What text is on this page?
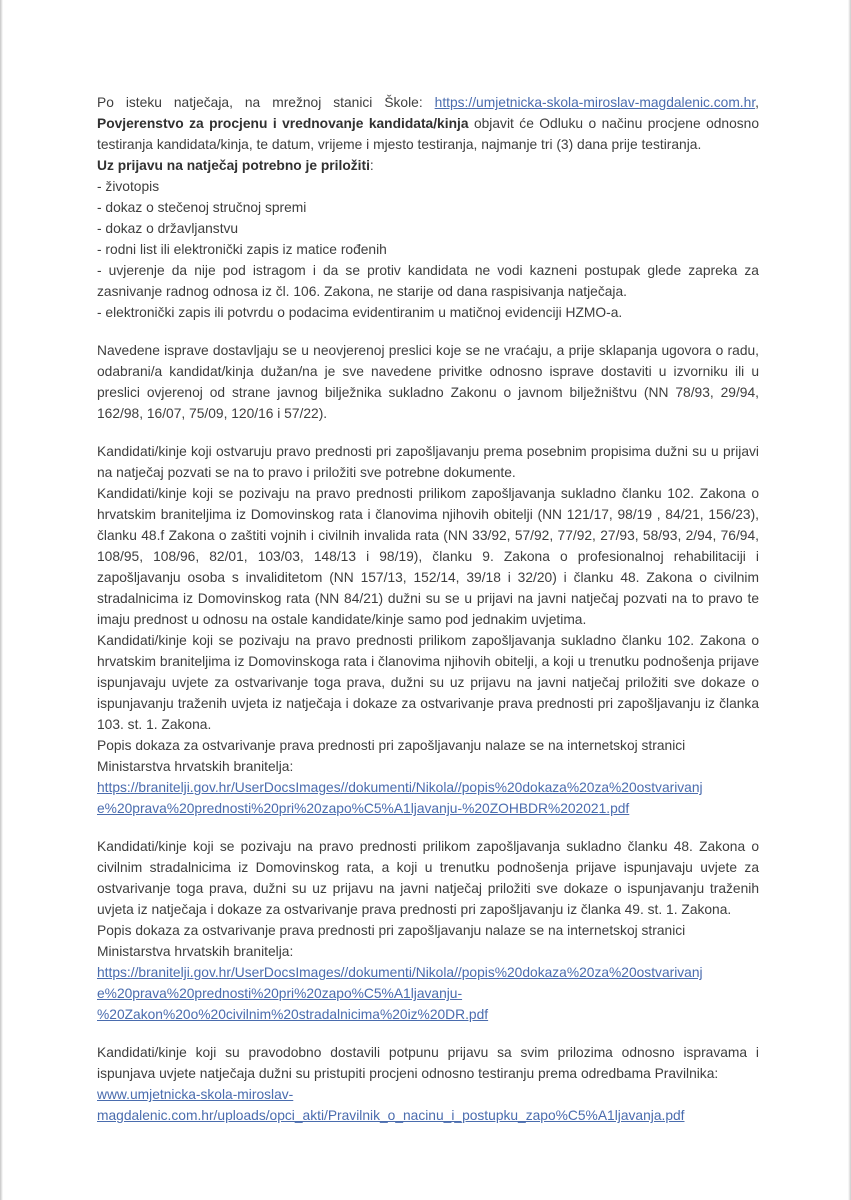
Po isteku natječaja, na mrežnoj stanici Škole: https://umjetnicka-skola-miroslav-magdalenic.com.hr, Povjerenstvo za procjenu i vrednovanje kandidata/kinja objavit će Odluku o načinu procjene odnosno testiranja kandidata/kinja, te datum, vrijeme i mjesto testiranja, najmanje tri (3) dana prije testiranja.

Uz prijavu na natječaj potrebno je priložiti:

- životopis

- dokaz o stečenoj stručnoj spremi

- dokaz o državljanstvu

- rodni list ili elektronički zapis iz matice rođenih

- uvjerenje da nije pod istragom i da se protiv kandidata ne vodi kazneni postupak glede zapreka za zasnivanje radnog odnosa iz čl. 106. Zakona, ne starije od dana raspisivanja natječaja.

- elektronički zapis ili potvrdu o podacima evidentiranim u matičnoj evidenciji HZMO-a.

Navedene isprave dostavljaju se u neovjerenoj preslici koje se ne vraćaju, a prije sklapanja ugovora o radu, odabrani/a kandidat/kinja dužan/na je sve navedene privitke odnosno isprave dostaviti u izvorniku ili u preslici ovjerenoj od strane javnog bilježnika sukladno Zakonu o javnom bilježništvu (NN 78/93, 29/94, 162/98, 16/07, 75/09, 120/16 i 57/22).

Kandidati/kinje koji ostvaruju pravo prednosti pri zapošljavanju prema posebnim propisima dužni su u prijavi na natječaj pozvati se na to pravo i priložiti sve potrebne dokumente.

Kandidati/kinje koji se pozivaju na pravo prednosti prilikom zapošljavanja sukladno članku 102. Zakona o hrvatskim braniteljima iz Domovinskog rata i članovima njihovih obitelji (NN 121/17, 98/19 , 84/21, 156/23), članku 48.f Zakona o zaštiti vojnih i civilnih invalida rata (NN 33/92, 57/92, 77/92, 27/93, 58/93, 2/94, 76/94, 108/95, 108/96, 82/01, 103/03, 148/13 i 98/19), članku 9. Zakona o profesionalnoj rehabilitaciji i zapošljavanju osoba s invaliditetom (NN 157/13, 152/14, 39/18 i 32/20) i članku 48. Zakona o civilnim stradalnicima iz Domovinskog rata (NN 84/21) dužni su se u prijavi na javni natječaj pozvati na to pravo te imaju prednost u odnosu na ostale kandidate/kinje samo pod jednakim uvjetima.

Kandidati/kinje koji se pozivaju na pravo prednosti prilikom zapošljavanja sukladno članku 102. Zakona o hrvatskim braniteljima iz Domovinskoga rata i članovima njihovih obitelji, a koji u trenutku podnošenja prijave ispunjavaju uvjete za ostvarivanje toga prava, dužni su uz prijavu na javni natječaj priložiti sve dokaze o ispunjavanju traženih uvjeta iz natječaja i dokaze za ostvarivanje prava prednosti pri zapošljavanju iz članka 103. st. 1. Zakona.

Popis dokaza za ostvarivanje prava prednosti pri zapošljavanju nalaze se na internetskoj stranici Ministarstva hrvatskih branitelja:

https://branitelji.gov.hr/UserDocsImages//dokumenti/Nikola//popis%20dokaza%20za%20ostvarivanj
e%20prava%20prednosti%20pri%20zapo%C5%A1ljavanju-%20ZOHBDR%202021.pdf

Kandidati/kinje koji se pozivaju na pravo prednosti prilikom zapošljavanja sukladno članku 48. Zakona o civilnim stradalnicima iz Domovinskog rata, a koji u trenutku podnošenja prijave ispunjavaju uvjete za ostvarivanje toga prava, dužni su uz prijavu na javni natječaj priložiti sve dokaze o ispunjavanju traženih uvjeta iz natječaja i dokaze za ostvarivanje prava prednosti pri zapošljavanju iz članka 49. st. 1. Zakona.

Popis dokaza za ostvarivanje prava prednosti pri zapošljavanju nalaze se na internetskoj stranici Ministarstva hrvatskih branitelja:

https://branitelji.gov.hr/UserDocsImages//dokumenti/Nikola//popis%20dokaza%20za%20ostvarivanj
e%20prava%20prednosti%20pri%20zapo%C5%A1ljavanju-
%20Zakon%20o%20civilnim%20stradalnicima%20iz%20DR.pdf

Kandidati/kinje koji su pravodobno dostavili potpunu prijavu sa svim prilozima odnosno ispravama i ispunjava uvjete natječaja dužni su pristupiti procjeni odnosno testiranju prema odredbama Pravilnika:

www.umjetnicka-skola-miroslav-
magdalenic.com.hr/uploads/opci_akti/Pravilnik_o_nacinu_i_postupku_zapo%C5%A1ljavanja.pdf
